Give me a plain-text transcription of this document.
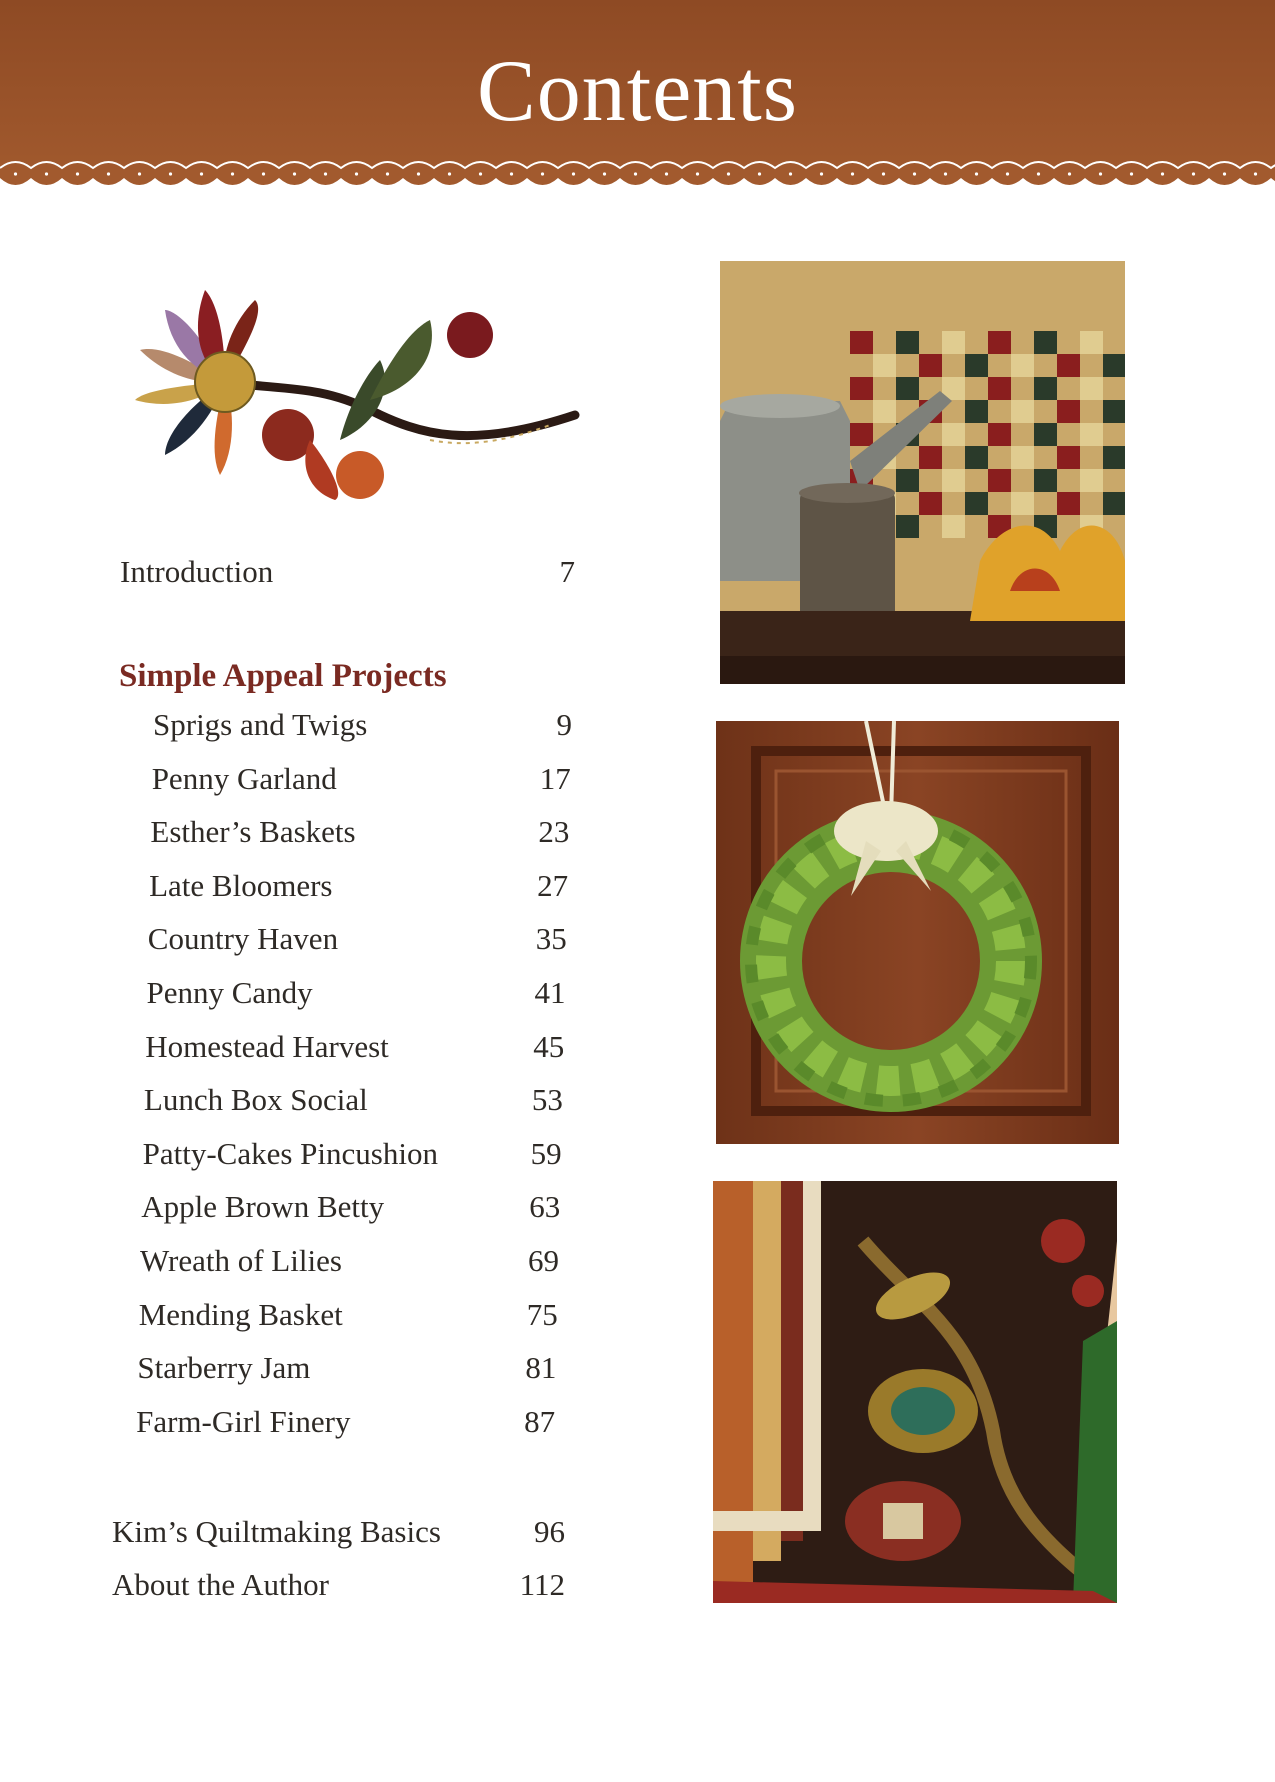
Contents
Introduction	7
Simple Appeal Projects
Sprigs and Twigs	9
Penny Garland	17
Esther’s Baskets	23
Late Bloomers	27
Country Haven	35
Penny Candy	41
Homestead Harvest	45
Lunch Box Social	53
Patty-Cakes Pincushion	59
Apple Brown Betty	63
Wreath of Lilies	69
Mending Basket	75
Starberry Jam	81
Farm-Girl Finery	87
Kim’s Quiltmaking Basics	96
About the Author	112
